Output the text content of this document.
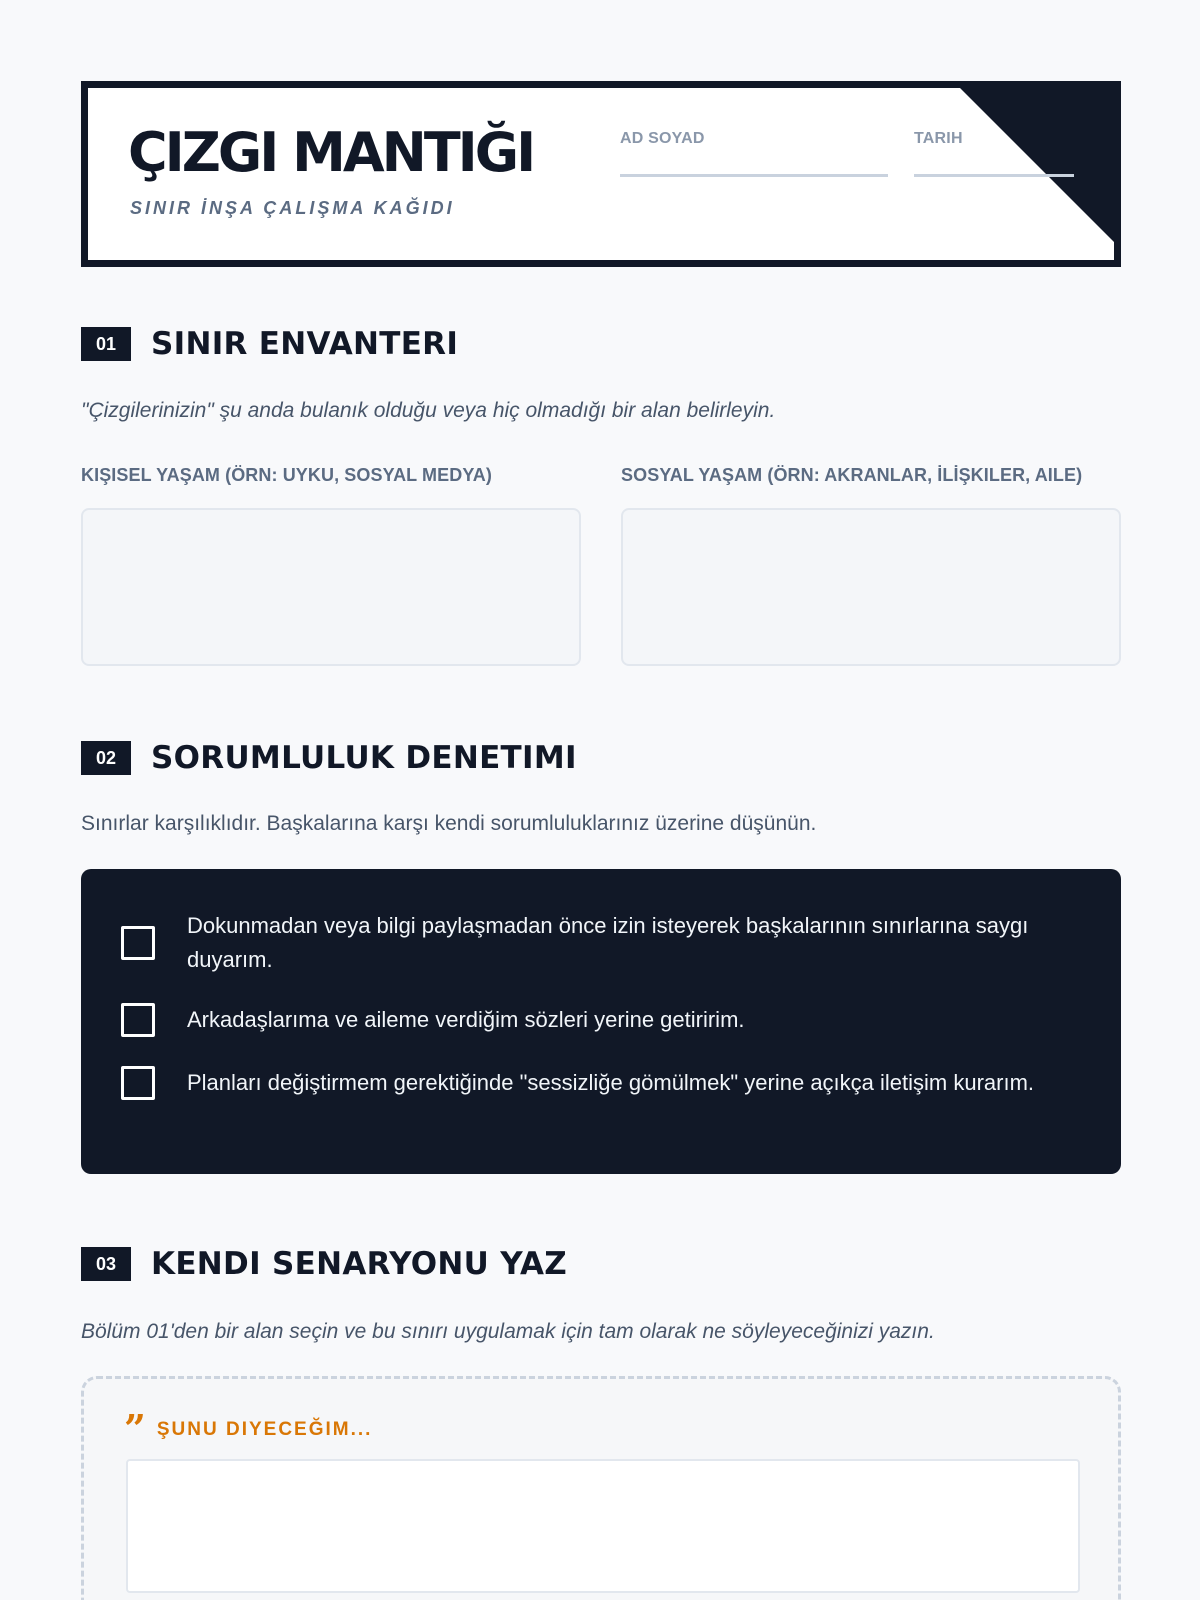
ÇIZGI MANTIĞI
SINIR İNŞA ÇALIŞMA KAĞIDI
AD SOYAD	TARIH
01	SINIR ENVANTERI
"Çizgilerinizin" şu anda bulanık olduğu veya hiç olmadığı bir alan belirleyin.
KIŞISEL YAŞAM (ÖRN: UYKU, SOSYAL MEDYA)	SOSYAL YAŞAM (ÖRN: AKRANLAR, İLİŞKILER, AILE)
02	SORUMLULUK DENETIMI
Sınırlar karşılıklıdır. Başkalarına karşı kendi sorumluluklarınız üzerine düşünün.
Dokunmadan veya bilgi paylaşmadan önce izin isteyerek başkalarının sınırlarına saygı duyarım.
Arkadaşlarıma ve aileme verdiğim sözleri yerine getiririm.
Planları değiştirmem gerektiğinde "sessizliğe gömülmek" yerine açıkça iletişim kurarım.
03	KENDI SENARYONU YAZ
Bölüm 01'den bir alan seçin ve bu sınırı uygulamak için tam olarak ne söyleyeceğinizi yazın.
” ŞUNU DIYECEĞIM...
